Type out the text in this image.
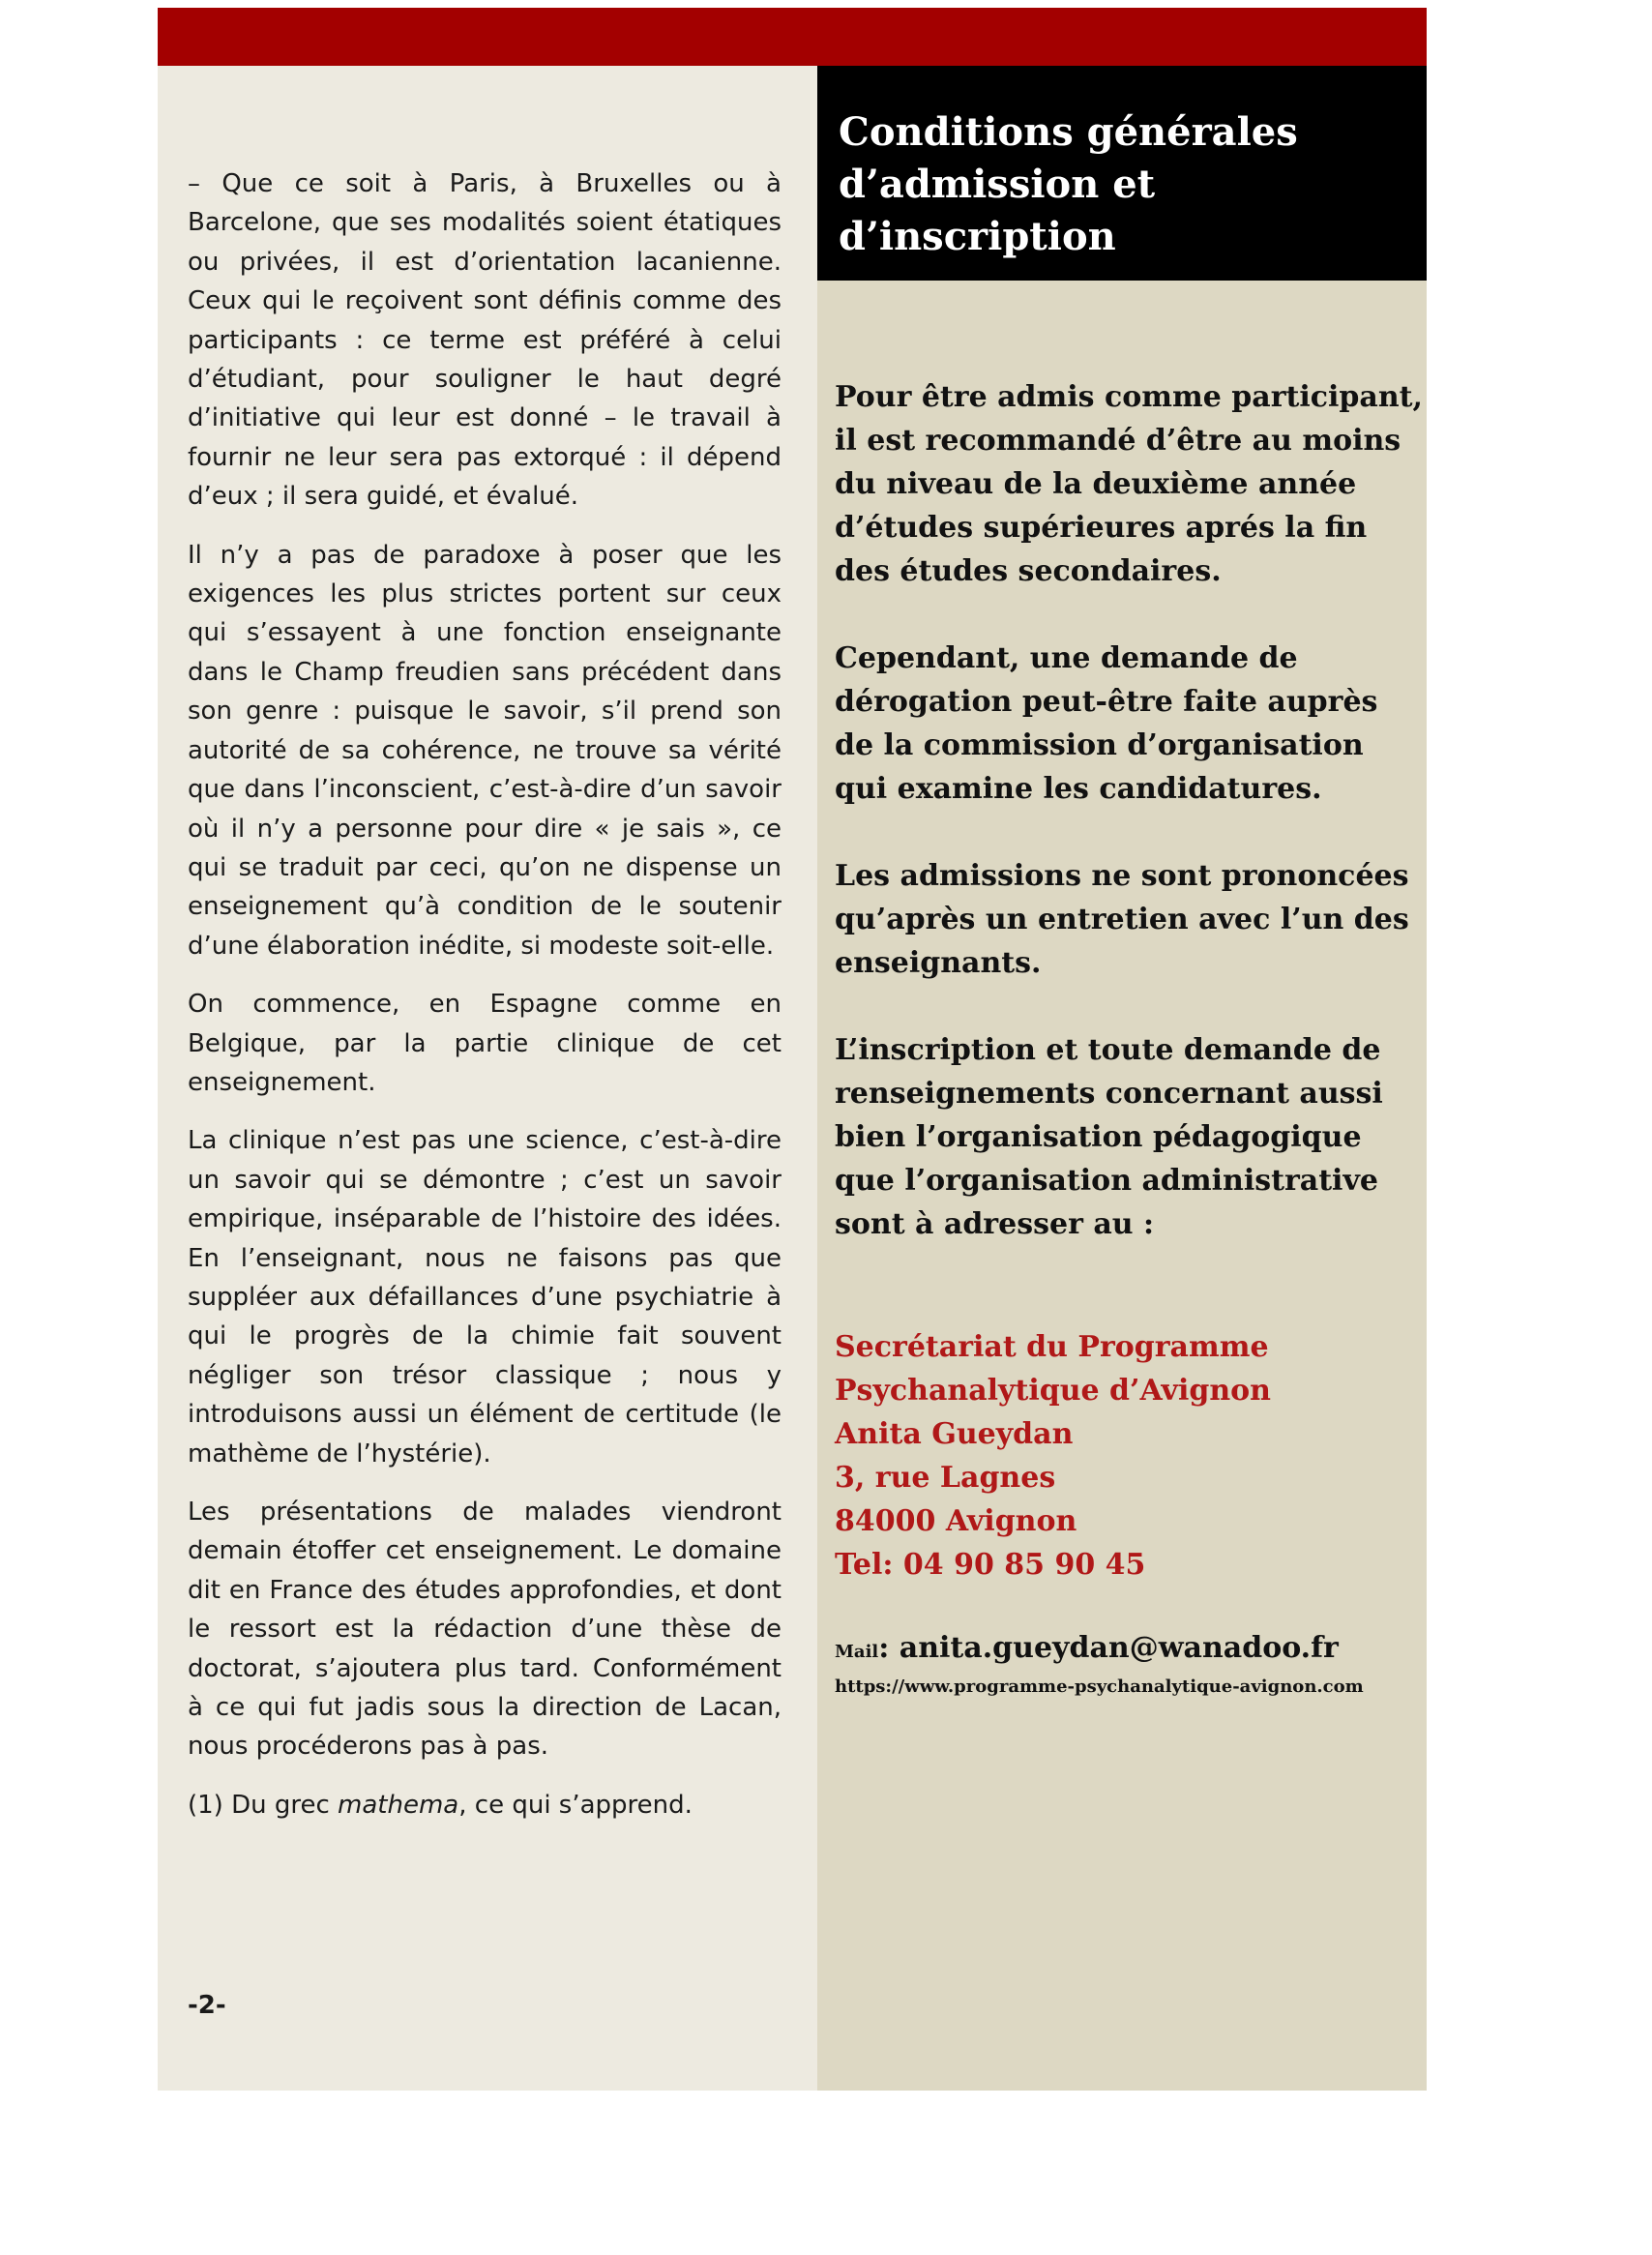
– Que ce soit à Paris, à Bruxelles ou à Barcelone, que ses modalités soient étatiques ou privées, il est d’orientation lacanienne. Ceux qui le reçoivent sont définis comme des participants : ce terme est préféré à celui d’étudiant, pour souligner le haut degré d’initiative qui leur est donné – le travail à fournir ne leur sera pas extorqué : il dépend d’eux ; il sera guidé, et évalué.

Il n’y a pas de paradoxe à poser que les exigences les plus strictes portent sur ceux qui s’essayent à une fonction enseignante dans le Champ freudien sans précédent dans son genre : puisque le savoir, s’il prend son autorité de sa cohérence, ne trouve sa vérité que dans l’inconscient, c’est-à-dire d’un savoir où il n’y a personne pour dire « je sais », ce qui se traduit par ceci, qu’on ne dispense un enseignement qu’à condition de le soutenir d’une élaboration inédite, si modeste soit-elle.

On commence, en Espagne comme en Belgique, par la partie clinique de cet enseignement.

La clinique n’est pas une science, c’est-à-dire un savoir qui se démontre ; c’est un savoir empirique, inséparable de l’histoire des idées. En l’enseignant, nous ne faisons pas que suppléer aux défaillances d’une psychiatrie à qui le progrès de la chimie fait souvent négliger son trésor classique ; nous y introduisons aussi un élément de certitude (le mathème de l’hystérie).

Les présentations de malades viendront demain étoffer cet enseignement. Le domaine dit en France des études approfondies, et dont le ressort est la rédaction d’une thèse de doctorat, s’ajoutera plus tard. Conformément à ce qui fut jadis sous la direction de Lacan, nous procéderons pas à pas.

(1) Du grec mathema, ce qui s’apprend.

-2-
Conditions générales d’admission et d’inscription

Pour être admis comme participant, il est recommandé d’être au moins du niveau de la deuxième année d’études supérieures aprés la fin des études secondaires.

Cependant, une demande de dérogation peut-être faite auprès de la commission d’organisation qui examine les candidatures.

Les admissions ne sont prononcées qu’après un entretien avec l’un des enseignants.

L’inscription et toute demande de renseignements concernant aussi bien l’organisation pédagogique que l’organisation administrative sont à adresser au :

Secrétariat du Programme
Psychanalytique d’Avignon
Anita Gueydan
3, rue Lagnes
84000 Avignon
Tel: 04 90 85 90 45
Mail: anita.gueydan@wanadoo.fr
https://www.programme-psychanalytique-avignon.com
